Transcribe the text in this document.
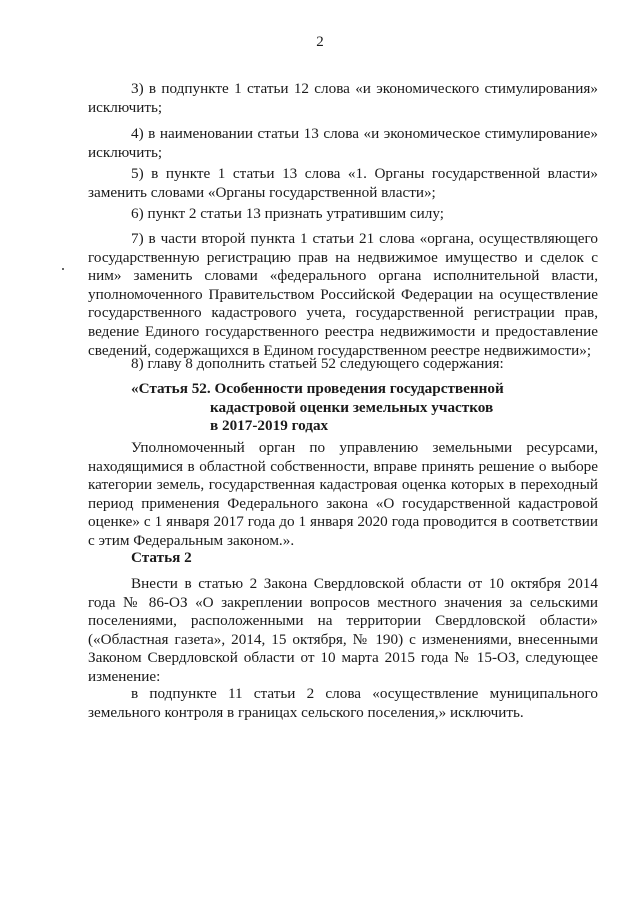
2
3) в подпункте 1 статьи 12 слова «и экономического стимулирования» исключить;
4) в наименовании статьи 13 слова «и экономическое стимулирование» исключить;
5) в пункте 1 статьи 13 слова «1. Органы государственной власти» заменить словами «Органы государственной власти»;
6) пункт 2 статьи 13 признать утратившим силу;
7) в части второй пункта 1 статьи 21 слова «органа, осуществляющего государственную регистрацию прав на недвижимое имущество и сделок с ним» заменить словами «федерального органа исполнительной власти, уполномоченного Правительством Российской Федерации на осуществление государственного кадастрового учета, государственной регистрации прав, ведение Единого государственного реестра недвижимости и предоставление сведений, содержащихся в Едином государственном реестре недвижимости»;
8) главу 8 дополнить статьей 52 следующего содержания:
«Статья 52. Особенности проведения государственной
кадастровой оценки земельных участков
в 2017-2019 годах
Уполномоченный орган по управлению земельными ресурсами, находящимися в областной собственности, вправе принять решение о выборе категории земель, государственная кадастровая оценка которых в переходный период применения Федерального закона «О государственной кадастровой оценке» с 1 января 2017 года до 1 января 2020 года проводится в соответствии с этим Федеральным законом.».
Статья 2
Внести в статью 2 Закона Свердловской области от 10 октября 2014 года № 86-ОЗ «О закреплении вопросов местного значения за сельскими поселениями, расположенными на территории Свердловской области» («Областная газета», 2014, 15 октября, № 190) с изменениями, внесенными Законом Свердловской области от 10 марта 2015 года № 15-ОЗ, следующее изменение:
в подпункте 11 статьи 2 слова «осуществление муниципального земельного контроля в границах сельского поселения,» исключить.
